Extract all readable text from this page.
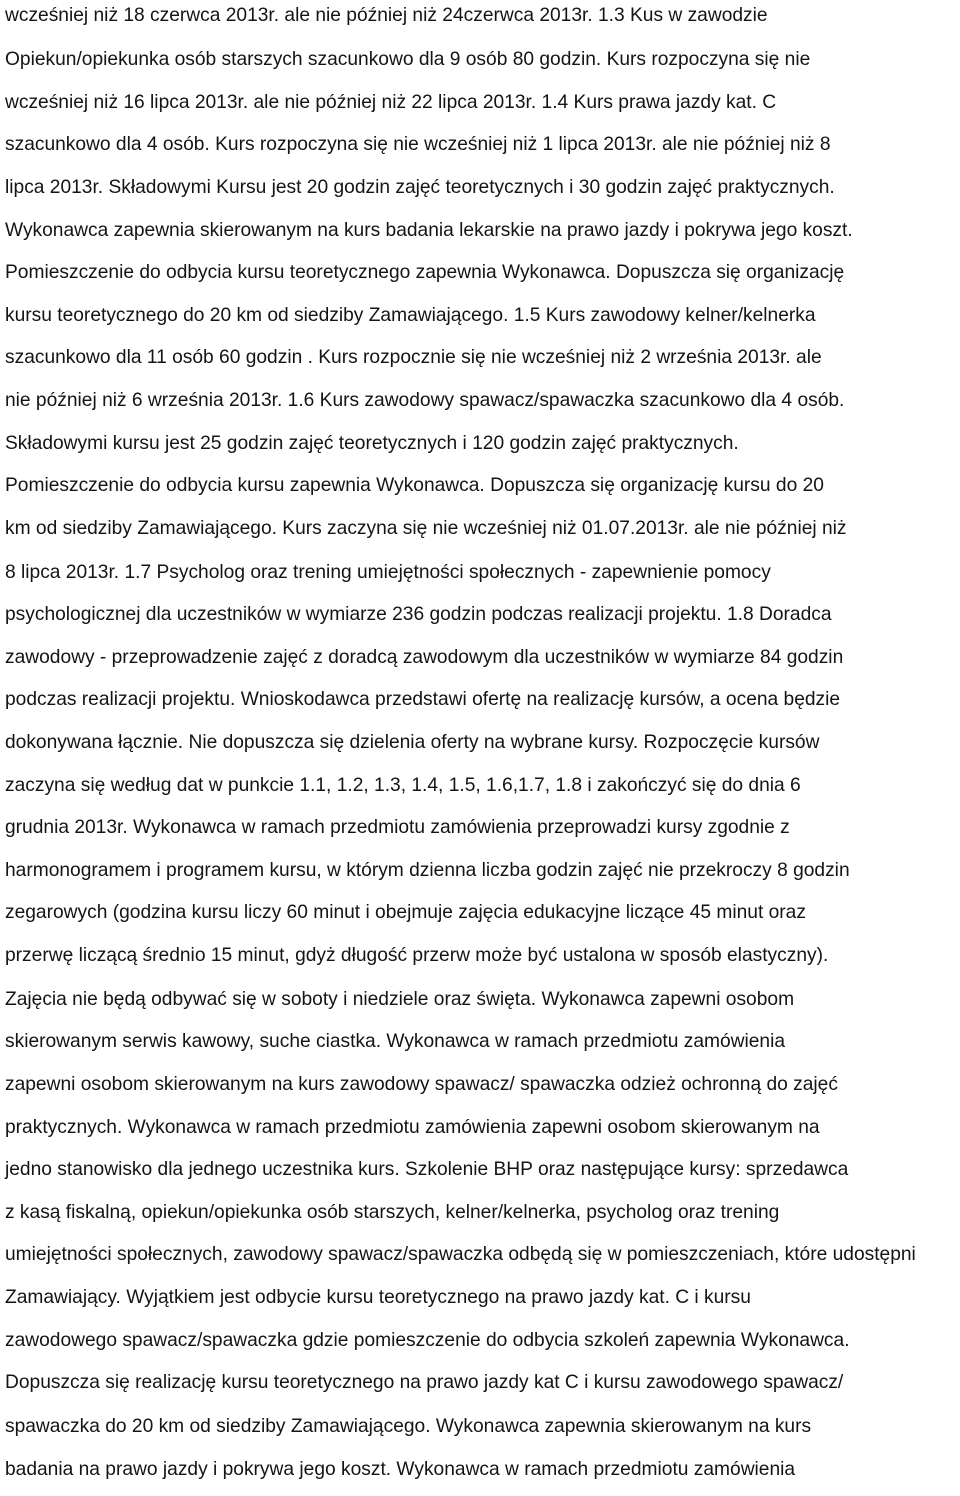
wcześniej niż 18 czerwca 2013r. ale nie później niż 24czerwca 2013r. 1.3 Kus w zawodzie
Opiekun/opiekunka osób starszych szacunkowo dla 9 osób 80 godzin. Kurs rozpoczyna się nie
wcześniej niż 16 lipca 2013r. ale nie później niż 22 lipca 2013r. 1.4 Kurs prawa jazdy kat. C
szacunkowo dla 4 osób. Kurs rozpoczyna się nie wcześniej niż 1 lipca 2013r. ale nie później niż 8
lipca 2013r. Składowymi Kursu jest 20 godzin zajęć teoretycznych i 30 godzin zajęć praktycznych.
Wykonawca zapewnia skierowanym na kurs badania lekarskie na prawo jazdy i pokrywa jego koszt.
Pomieszczenie do odbycia kursu teoretycznego zapewnia Wykonawca. Dopuszcza się organizację
kursu teoretycznego do 20 km od siedziby Zamawiającego. 1.5 Kurs zawodowy kelner/kelnerka
szacunkowo dla 11 osób 60 godzin . Kurs rozpocznie się nie wcześniej niż 2 września 2013r. ale
nie później niż 6 września 2013r. 1.6 Kurs zawodowy spawacz/spawaczka szacunkowo dla 4 osób.
Składowymi kursu jest 25 godzin zajęć teoretycznych i 120 godzin zajęć praktycznych.
Pomieszczenie do odbycia kursu zapewnia Wykonawca. Dopuszcza się organizację kursu do 20
km od siedziby Zamawiającego. Kurs zaczyna się nie wcześniej niż 01.07.2013r. ale nie później niż
8 lipca 2013r. 1.7 Psycholog oraz trening umiejętności społecznych - zapewnienie pomocy
psychologicznej dla uczestników w wymiarze 236 godzin podczas realizacji projektu. 1.8 Doradca
zawodowy - przeprowadzenie zajęć z doradcą zawodowym dla uczestników w wymiarze 84 godzin
podczas realizacji projektu. Wnioskodawca przedstawi ofertę na realizację kursów, a ocena będzie
dokonywana łącznie. Nie dopuszcza się dzielenia oferty na wybrane kursy. Rozpoczęcie kursów
zaczyna się według dat w punkcie 1.1, 1.2, 1.3, 1.4, 1.5, 1.6,1.7, 1.8 i zakończyć się do dnia 6
grudnia 2013r. Wykonawca w ramach przedmiotu zamówienia przeprowadzi kursy zgodnie z
harmonogramem i programem kursu, w którym dzienna liczba godzin zajęć nie przekroczy 8 godzin
zegarowych (godzina kursu liczy 60 minut i obejmuje zajęcia edukacyjne liczące 45 minut oraz
przerwę liczącą średnio 15 minut, gdyż długość przerw może być ustalona w sposób elastyczny).
Zajęcia nie będą odbywać się w soboty i niedziele oraz święta. Wykonawca zapewni osobom
skierowanym serwis kawowy, suche ciastka. Wykonawca w ramach przedmiotu zamówienia
zapewni osobom skierowanym na kurs zawodowy spawacz/ spawaczka odzież ochronną do zajęć
praktycznych. Wykonawca w ramach przedmiotu zamówienia zapewni osobom skierowanym na
jedno stanowisko dla jednego uczestnika kurs. Szkolenie BHP oraz następujące kursy: sprzedawca
z kasą fiskalną, opiekun/opiekunka osób starszych, kelner/kelnerka, psycholog oraz trening
umiejętności społecznych, zawodowy spawacz/spawaczka odbędą się w pomieszczeniach, które udostępni
Zamawiający. Wyjątkiem jest odbycie kursu teoretycznego na prawo jazdy kat. C i kursu
zawodowego spawacz/spawaczka gdzie pomieszczenie do odbycia szkoleń zapewnia Wykonawca.
Dopuszcza się realizację kursu teoretycznego na prawo jazdy kat C i kursu zawodowego spawacz/
spawaczka do 20 km od siedziby Zamawiającego. Wykonawca zapewnia skierowanym na kurs
badania na prawo jazdy i pokrywa jego koszt. Wykonawca w ramach przedmiotu zamówienia
